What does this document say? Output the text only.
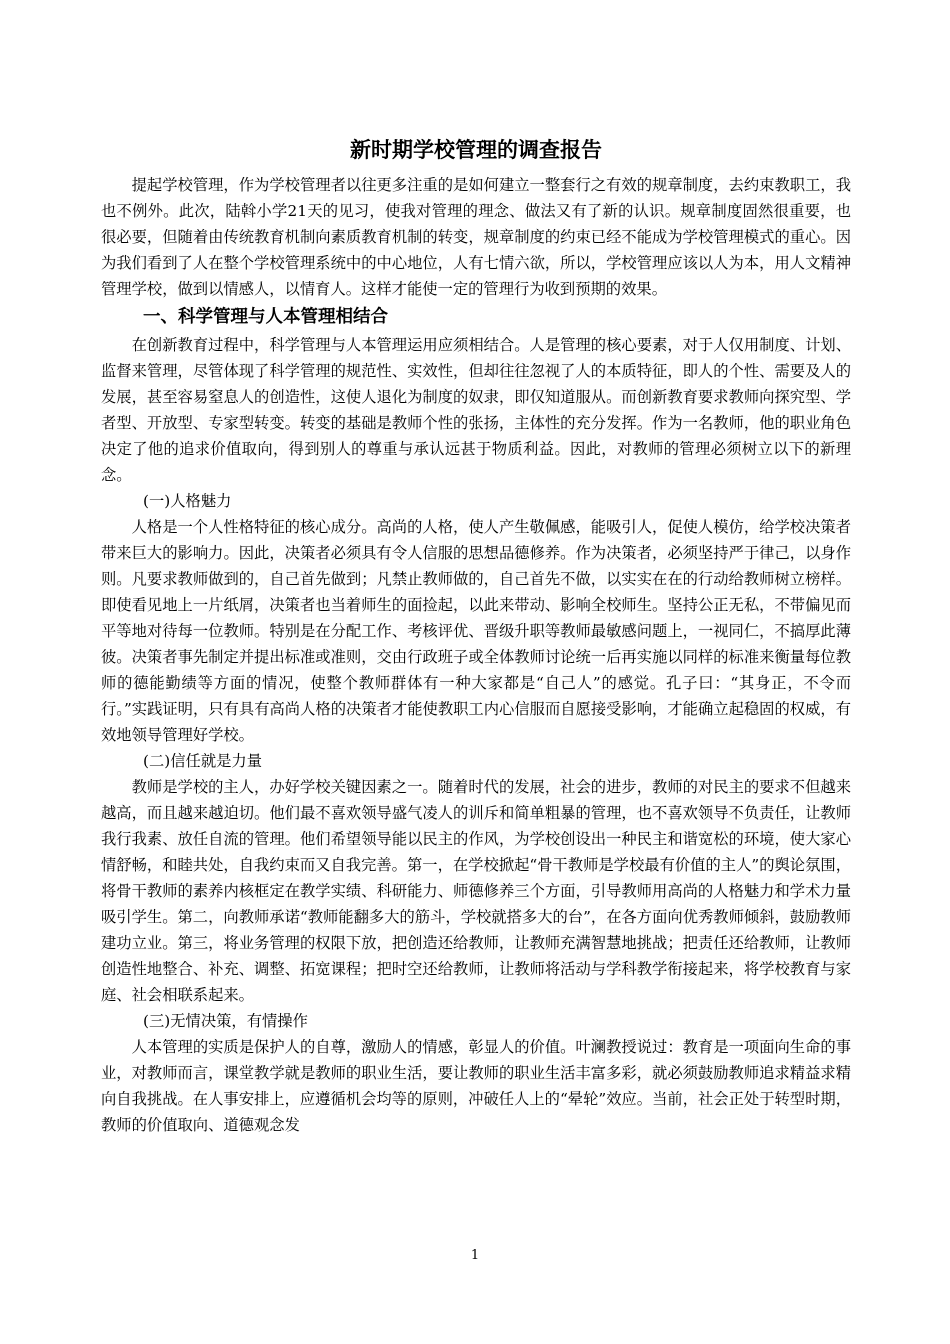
新时期学校管理的调查报告

提起学校管理，作为学校管理者以往更多注重的是如何建立一整套行之有效的规章制度，去约束教职工，我也不例外。此次，陆斡小学21天的见习，使我对管理的理念、做法又有了新的认识。规章制度固然很重要，也很必要，但随着由传统教育机制向素质教育机制的转变，规章制度的约束已经不能成为学校管理模式的重心。因为我们看到了人在整个学校管理系统中的中心地位，人有七情六欲，所以，学校管理应该以人为本，用人文精神管理学校，做到以情感人，以情育人。这样才能使一定的管理行为收到预期的效果。

一、科学管理与人本管理相结合

在创新教育过程中，科学管理与人本管理运用应须相结合。人是管理的核心要素，对于人仅用制度、计划、监督来管理，尽管体现了科学管理的规范性、实效性，但却往往忽视了人的本质特征，即人的个性、需要及人的发展，甚至容易窒息人的创造性，这使人退化为制度的奴隶，即仅知道服从。而创新教育要求教师向探究型、学者型、开放型、专家型转变。转变的基础是教师个性的张扬，主体性的充分发挥。作为一名教师，他的职业角色决定了他的追求价值取向，得到别人的尊重与承认远甚于物质利益。因此，对教师的管理必须树立以下的新理念。

(一)人格魅力

人格是一个人性格特征的核心成分。高尚的人格，使人产生敬佩感，能吸引人，促使人模仿，给学校决策者带来巨大的影响力。因此，决策者必须具有令人信服的思想品德修养。作为决策者，必须坚持严于律己，以身作则。凡要求教师做到的，自己首先做到；凡禁止教师做的，自己首先不做，以实实在在的行动给教师树立榜样。即使看见地上一片纸屑，决策者也当着师生的面捡起，以此来带动、影响全校师生。坚持公正无私，不带偏见而平等地对待每一位教师。特别是在分配工作、考核评优、晋级升职等教师最敏感问题上，一视同仁，不搞厚此薄彼。决策者事先制定并提出标准或准则，交由行政班子或全体教师讨论统一后再实施以同样的标准来衡量每位教师的德能勤绩等方面的情况，使整个教师群体有一种大家都是“自己人”的感觉。孔子曰：“其身正，不令而行。”实践证明，只有具有高尚人格的决策者才能使教职工内心信服而自愿接受影响，才能确立起稳固的权威，有效地领导管理好学校。

(二)信任就是力量

教师是学校的主人，办好学校关键因素之一。随着时代的发展，社会的进步，教师的对民主的要求不但越来越高，而且越来越迫切。他们最不喜欢领导盛气凌人的训斥和简单粗暴的管理，也不喜欢领导不负责任，让教师我行我素、放任自流的管理。他们希望领导能以民主的作风，为学校创设出一种民主和谐宽松的环境，使大家心情舒畅，和睦共处，自我约束而又自我完善。第一，在学校掀起“骨干教师是学校最有价值的主人”的舆论氛围，将骨干教师的素养内核框定在教学实绩、科研能力、师德修养三个方面，引导教师用高尚的人格魅力和学术力量吸引学生。第二，向教师承诺“教师能翻多大的筋斗，学校就搭多大的台”，在各方面向优秀教师倾斜，鼓励教师建功立业。第三，将业务管理的权限下放，把创造还给教师，让教师充满智慧地挑战；把责任还给教师，让教师创造性地整合、补充、调整、拓宽课程；把时空还给教师，让教师将活动与学科教学衔接起来，将学校教育与家庭、社会相联系起来。

(三)无情决策，有情操作

人本管理的实质是保护人的自尊，激励人的情感，彰显人的价值。叶澜教授说过：教育是一项面向生命的事业，对教师而言，课堂教学就是教师的职业生活，要让教师的职业生活丰富多彩，就必须鼓励教师追求精益求精向自我挑战。在人事安排上，应遵循机会均等的原则，冲破任人上的“晕轮”效应。当前，社会正处于转型时期，教师的价值取向、道德观念发

1
